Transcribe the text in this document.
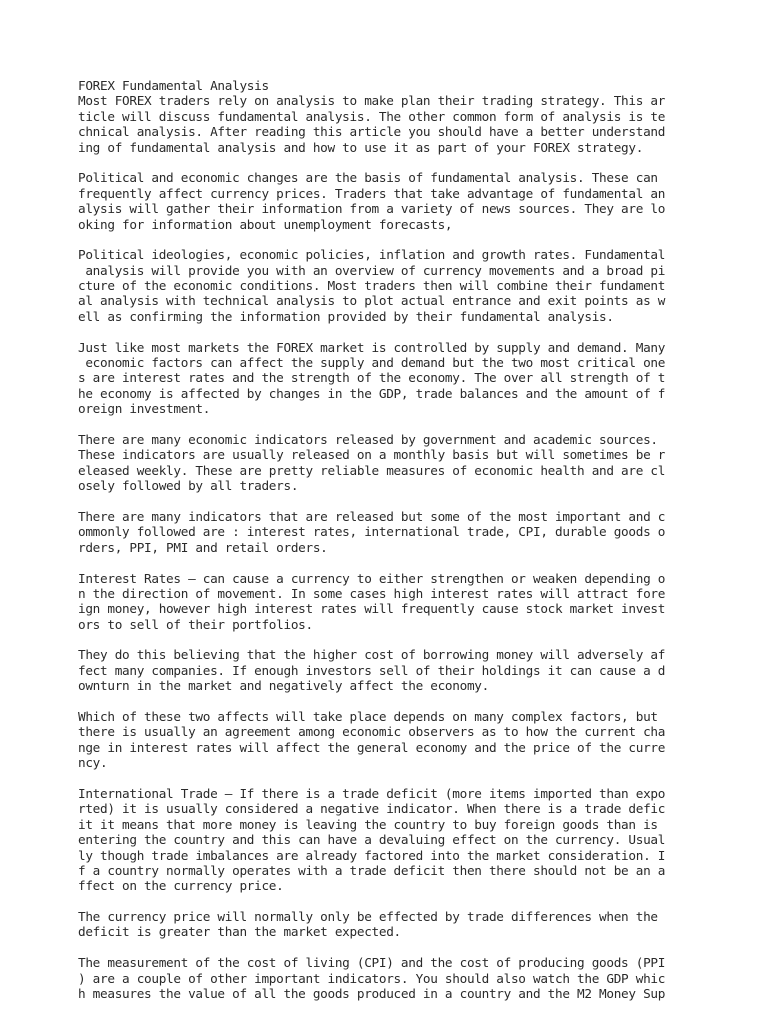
FOREX Fundamental Analysis
Most FOREX traders rely on analysis to make plan their trading strategy. This ar
ticle will discuss fundamental analysis. The other common form of analysis is te
chnical analysis. After reading this article you should have a better understand
ing of fundamental analysis and how to use it as part of your FOREX strategy.
Political and economic changes are the basis of fundamental analysis. These can
frequently affect currency prices. Traders that take advantage of fundamental an
alysis will gather their information from a variety of news sources. They are lo
oking for information about unemployment forecasts,
Political ideologies, economic policies, inflation and growth rates. Fundamental
analysis will provide you with an overview of currency movements and a broad pi
cture of the economic conditions. Most traders then will combine their fundament
al analysis with technical analysis to plot actual entrance and exit points as w
ell as confirming the information provided by their fundamental analysis.
Just like most markets the FOREX market is controlled by supply and demand. Many
economic factors can affect the supply and demand but the two most critical one
s are interest rates and the strength of the economy. The over all strength of t
he economy is affected by changes in the GDP, trade balances and the amount of f
oreign investment.
There are many economic indicators released by government and academic sources.
These indicators are usually released on a monthly basis but will sometimes be r
eleased weekly. These are pretty reliable measures of economic health and are cl
osely followed by all traders.
There are many indicators that are released but some of the most important and c
ommonly followed are : interest rates, international trade, CPI, durable goods o
rders, PPI, PMI and retail orders.
Interest Rates – can cause a currency to either strengthen or weaken depending o
n the direction of movement. In some cases high interest rates will attract fore
ign money, however high interest rates will frequently cause stock market invest
ors to sell of their portfolios.
They do this believing that the higher cost of borrowing money will adversely af
fect many companies. If enough investors sell of their holdings it can cause a d
ownturn in the market and negatively affect the economy.
Which of these two affects will take place depends on many complex factors, but
there is usually an agreement among economic observers as to how the current cha
nge in interest rates will affect the general economy and the price of the curre
ncy.
International Trade – If there is a trade deficit (more items imported than expo
rted) it is usually considered a negative indicator. When there is a trade defic
it it means that more money is leaving the country to buy foreign goods than is
entering the country and this can have a devaluing effect on the currency. Usual
ly though trade imbalances are already factored into the market consideration. I
f a country normally operates with a trade deficit then there should not be an a
ffect on the currency price.
The currency price will normally only be effected by trade differences when the
deficit is greater than the market expected.
The measurement of the cost of living (CPI) and the cost of producing goods (PPI
) are a couple of other important indicators. You should also watch the GDP whic
h measures the value of all the goods produced in a country and the M2 Money Sup
